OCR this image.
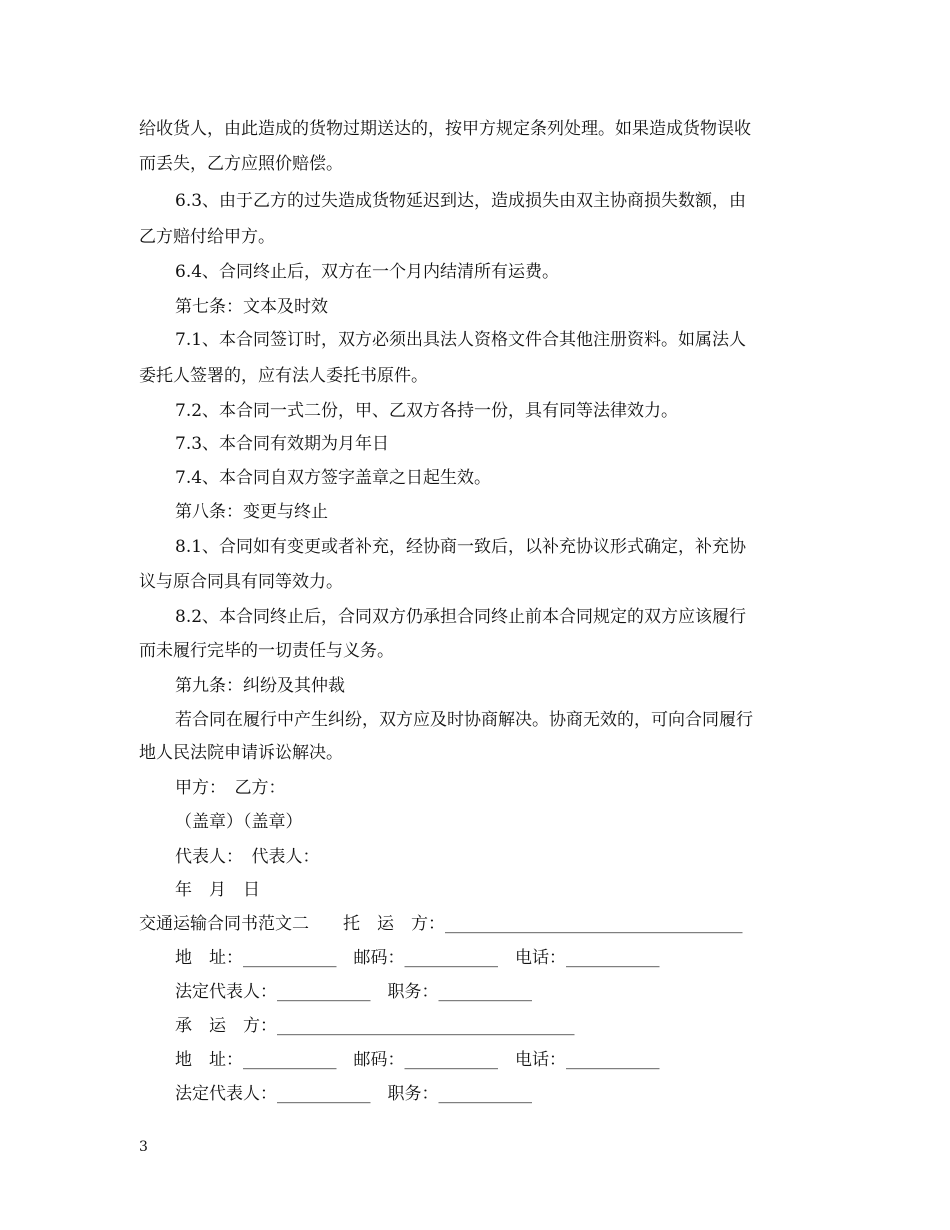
给收货人，由此造成的货物过期送达的，按甲方规定条列处理。如果造成货物误收
而丢失，乙方应照价赔偿。
6.3、由于乙方的过失造成货物延迟到达，造成损失由双主协商损失数额，由
乙方赔付给甲方。
6.4、合同终止后，双方在一个月内结清所有运费。
第七条：文本及时效
7.1、本合同签订时，双方必须出具法人资格文件合其他注册资料。如属法人
委托人签署的，应有法人委托书原件。
7.2、本合同一式二份，甲、乙双方各持一份，具有同等法律效力。
7.3、本合同有效期为月年日
7.4、本合同自双方签字盖章之日起生效。
第八条：变更与终止
8.1、合同如有变更或者补充，经协商一致后，以补充协议形式确定，补充协
议与原合同具有同等效力。
8.2、本合同终止后，合同双方仍承担合同终止前本合同规定的双方应该履行
而未履行完毕的一切责任与义务。
第九条：纠纷及其仲裁
若合同在履行中产生纠纷，双方应及时协商解决。协商无效的，可向合同履行
地人民法院申请诉讼解决。
甲方：　乙方：
（盖章）（盖章）
代表人：　代表人：
年　月　日
交通运输合同书范文二　　托　运　方：___________________________________
地　址：___________　邮码：___________　电话：___________
法定代表人：___________　职务：___________
承　运　方：___________________________________
地　址：___________　邮码：___________　电话：___________
法定代表人：___________　职务：___________
3
